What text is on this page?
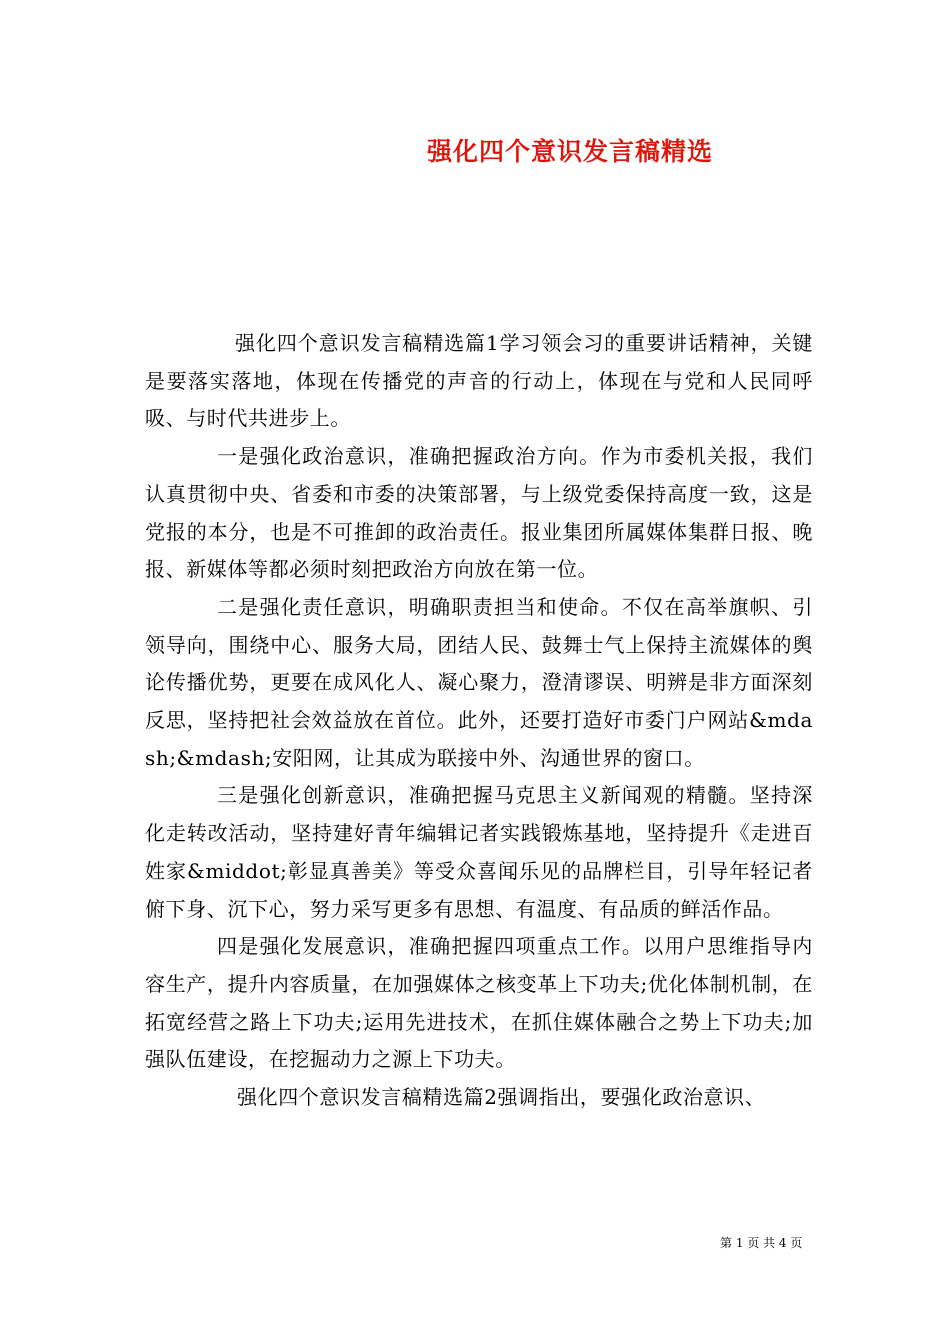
强化四个意识发言稿精选

强化四个意识发言稿精选篇1学习领会习的重要讲话精神，关键是要落实落地，体现在传播党的声音的行动上，体现在与党和人民同呼吸、与时代共进步上。

一是强化政治意识，准确把握政治方向。作为市委机关报，我们认真贯彻中央、省委和市委的决策部署，与上级党委保持高度一致，这是党报的本分，也是不可推卸的政治责任。报业集团所属媒体集群日报、晚报、新媒体等都必须时刻把政治方向放在第一位。

二是强化责任意识，明确职责担当和使命。不仅在高举旗帜、引领导向，围绕中心、服务大局，团结人民、鼓舞士气上保持主流媒体的舆论传播优势，更要在成风化人、凝心聚力，澄清谬误、明辨是非方面深刻反思，坚持把社会效益放在首位。此外，还要打造好市委门户网站&mdash;&mdash;安阳网，让其成为联接中外、沟通世界的窗口。

三是强化创新意识，准确把握马克思主义新闻观的精髓。坚持深化走转改活动，坚持建好青年编辑记者实践锻炼基地，坚持提升《走进百姓家&middot;彰显真善美》等受众喜闻乐见的品牌栏目，引导年轻记者俯下身、沉下心，努力采写更多有思想、有温度、有品质的鲜活作品。

四是强化发展意识，准确把握四项重点工作。以用户思维指导内容生产，提升内容质量，在加强媒体之核变革上下功夫;优化体制机制，在拓宽经营之路上下功夫;运用先进技术，在抓住媒体融合之势上下功夫;加强队伍建设，在挖掘动力之源上下功夫。

强化四个意识发言稿精选篇2强调指出，要强化政治意识、

第 1 页 共 4 页
